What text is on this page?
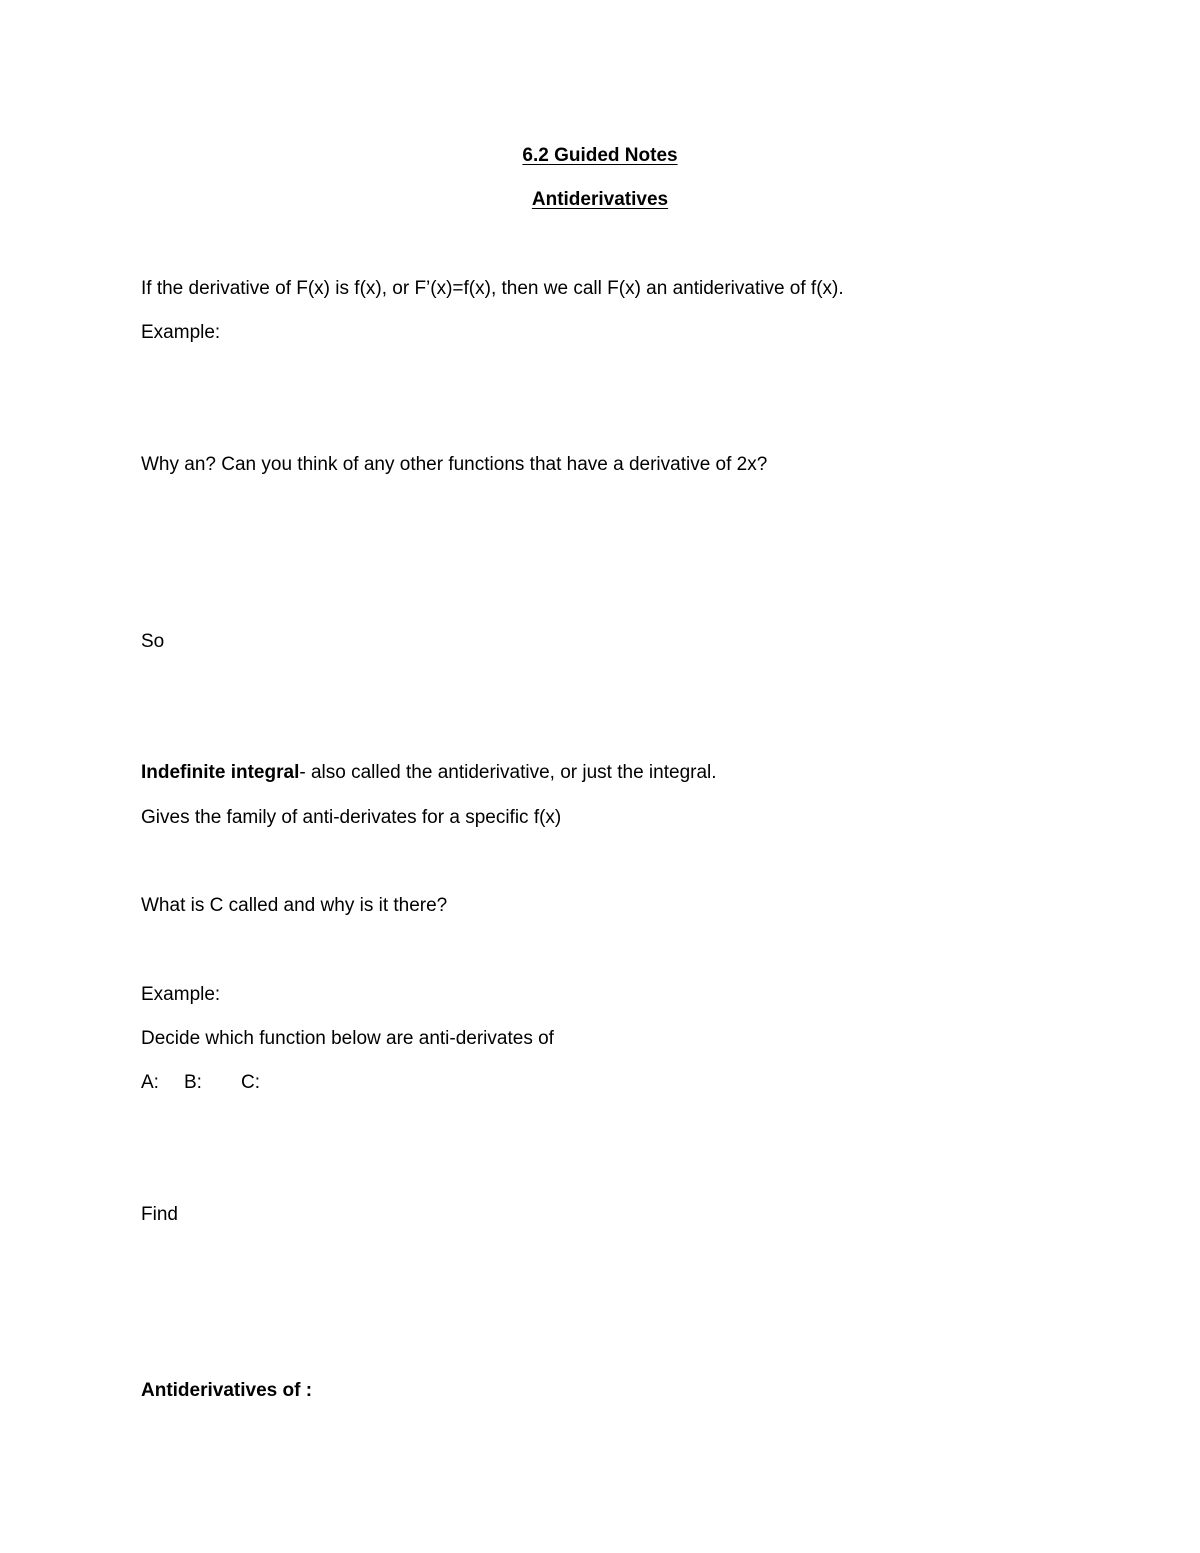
6.2 Guided Notes
Antiderivatives
If the derivative of F(x) is f(x), or F’(x)=f(x), then we call F(x) an antiderivative of f(x).
Example:
Why an? Can you think of any other functions that have a derivative of 2x?
So
Indefinite integral- also called the antiderivative, or just the integral.
Gives the family of anti-derivates for a specific f(x)
What is C called and why is it there?
Example:
Decide which function below are anti-derivates of
A: B: C:
Find
Antiderivatives of :
